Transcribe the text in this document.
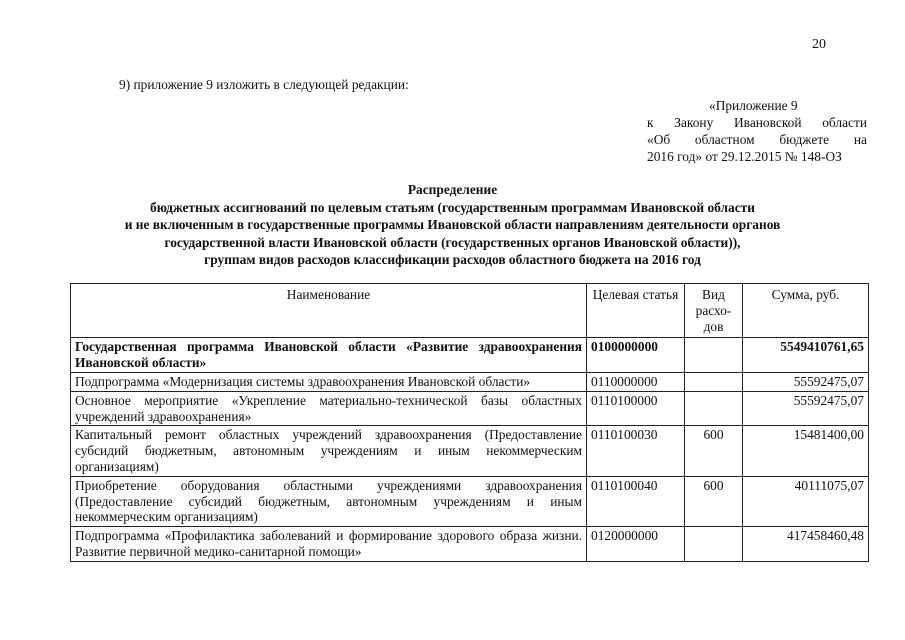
20
9) приложение 9 изложить в следующей редакции:
«Приложение 9
к Закону Ивановской области
«Об областном бюджете на
2016 год» от 29.12.2015 № 148-ОЗ
Распределение
бюджетных ассигнований по целевым статьям (государственным программам Ивановской области
и не включенным в государственные программы Ивановской области направлениям деятельности органов
государственной власти Ивановской области (государственных органов Ивановской области)),
группам видов расходов классификации расходов областного бюджета на 2016 год
Наименование	Целевая статья	Вид расхо-дов	Сумма, руб.
Государственная программа Ивановской области «Развитие здравоохранения Ивановской области»	0100000000		5549410761,65
Подпрограмма «Модернизация системы здравоохранения Ивановской области»	0110000000		55592475,07
Основное мероприятие «Укрепление материально-технической базы областных учреждений здравоохранения»	0110100000		55592475,07
Капитальный ремонт областных учреждений здравоохранения (Предоставление субсидий бюджетным, автономным учреждениям и иным некоммерческим организациям)	0110100030	600	15481400,00
Приобретение оборудования областными учреждениями здравоохранения (Предоставление субсидий бюджетным, автономным учреждениям и иным некоммерческим организациям)	0110100040	600	40111075,07
Подпрограмма «Профилактика заболеваний и формирование здорового образа жизни. Развитие первичной медико-санитарной помощи»	0120000000		417458460,48
